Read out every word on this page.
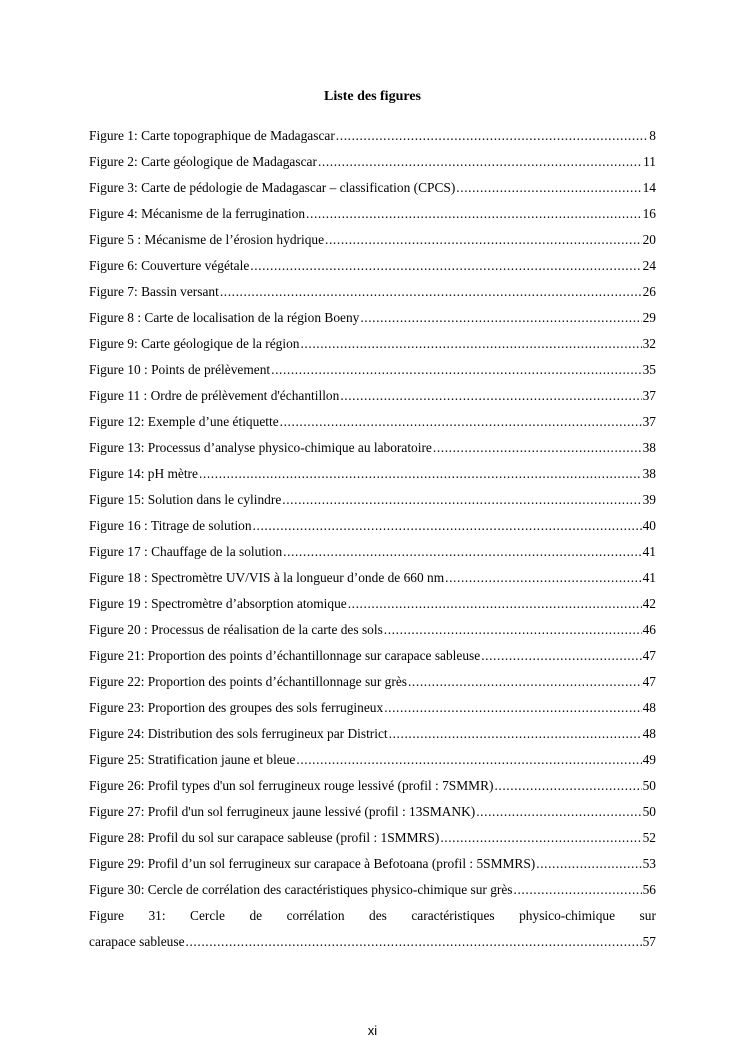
Liste des figures
Figure 1: Carte topographique de Madagascar .....	8
Figure 2: Carte géologique de Madagascar .....	11
Figure 3: Carte de pédologie de Madagascar – classification (CPCS) .....	14
Figure 4: Mécanisme de la ferrugination .....	16
Figure 5 : Mécanisme de l’érosion hydrique .....	20
Figure 6: Couverture végétale .....	24
Figure 7: Bassin versant .....	26
Figure 8 : Carte de localisation de la région Boeny .....	29
Figure 9: Carte géologique de la région .....	32
Figure 10 : Points de prélèvement .....	35
Figure 11 : Ordre de prélèvement d'échantillon .....	37
Figure 12: Exemple d’une étiquette .....	37
Figure 13: Processus d’analyse physico-chimique au laboratoire .....	38
Figure 14: pH mètre .....	38
Figure 15: Solution dans le cylindre .....	39
Figure 16 : Titrage de solution .....	40
Figure 17 : Chauffage de la solution .....	41
Figure 18 : Spectromètre UV/VIS à la longueur d’onde de 660 nm .....	41
Figure 19 : Spectromètre d’absorption atomique .....	42
Figure 20 : Processus de réalisation de la carte des sols .....	46
Figure 21: Proportion des points d’échantillonnage sur carapace sableuse .....	47
Figure 22: Proportion des points d’échantillonnage sur grès .....	47
Figure 23: Proportion des groupes des sols ferrugineux .....	48
Figure 24: Distribution des sols ferrugineux par District .....	48
Figure 25: Stratification jaune et bleue .....	49
Figure 26: Profil types d'un sol ferrugineux rouge lessivé (profil : 7SMMR) .....	50
Figure 27: Profil d'un sol ferrugineux jaune lessivé (profil : 13SMANK) .....	50
Figure 28: Profil du sol sur carapace sableuse (profil : 1SMMRS) .....	52
Figure 29: Profil d’un sol ferrugineux sur carapace à Befotoana (profil : 5SMMRS) .....	53
Figure 30: Cercle de corrélation des caractéristiques physico-chimique sur grès .....	56
Figure 31: Cercle de corrélation des caractéristiques physico-chimique sur
carapace sableuse .....	57
xi
